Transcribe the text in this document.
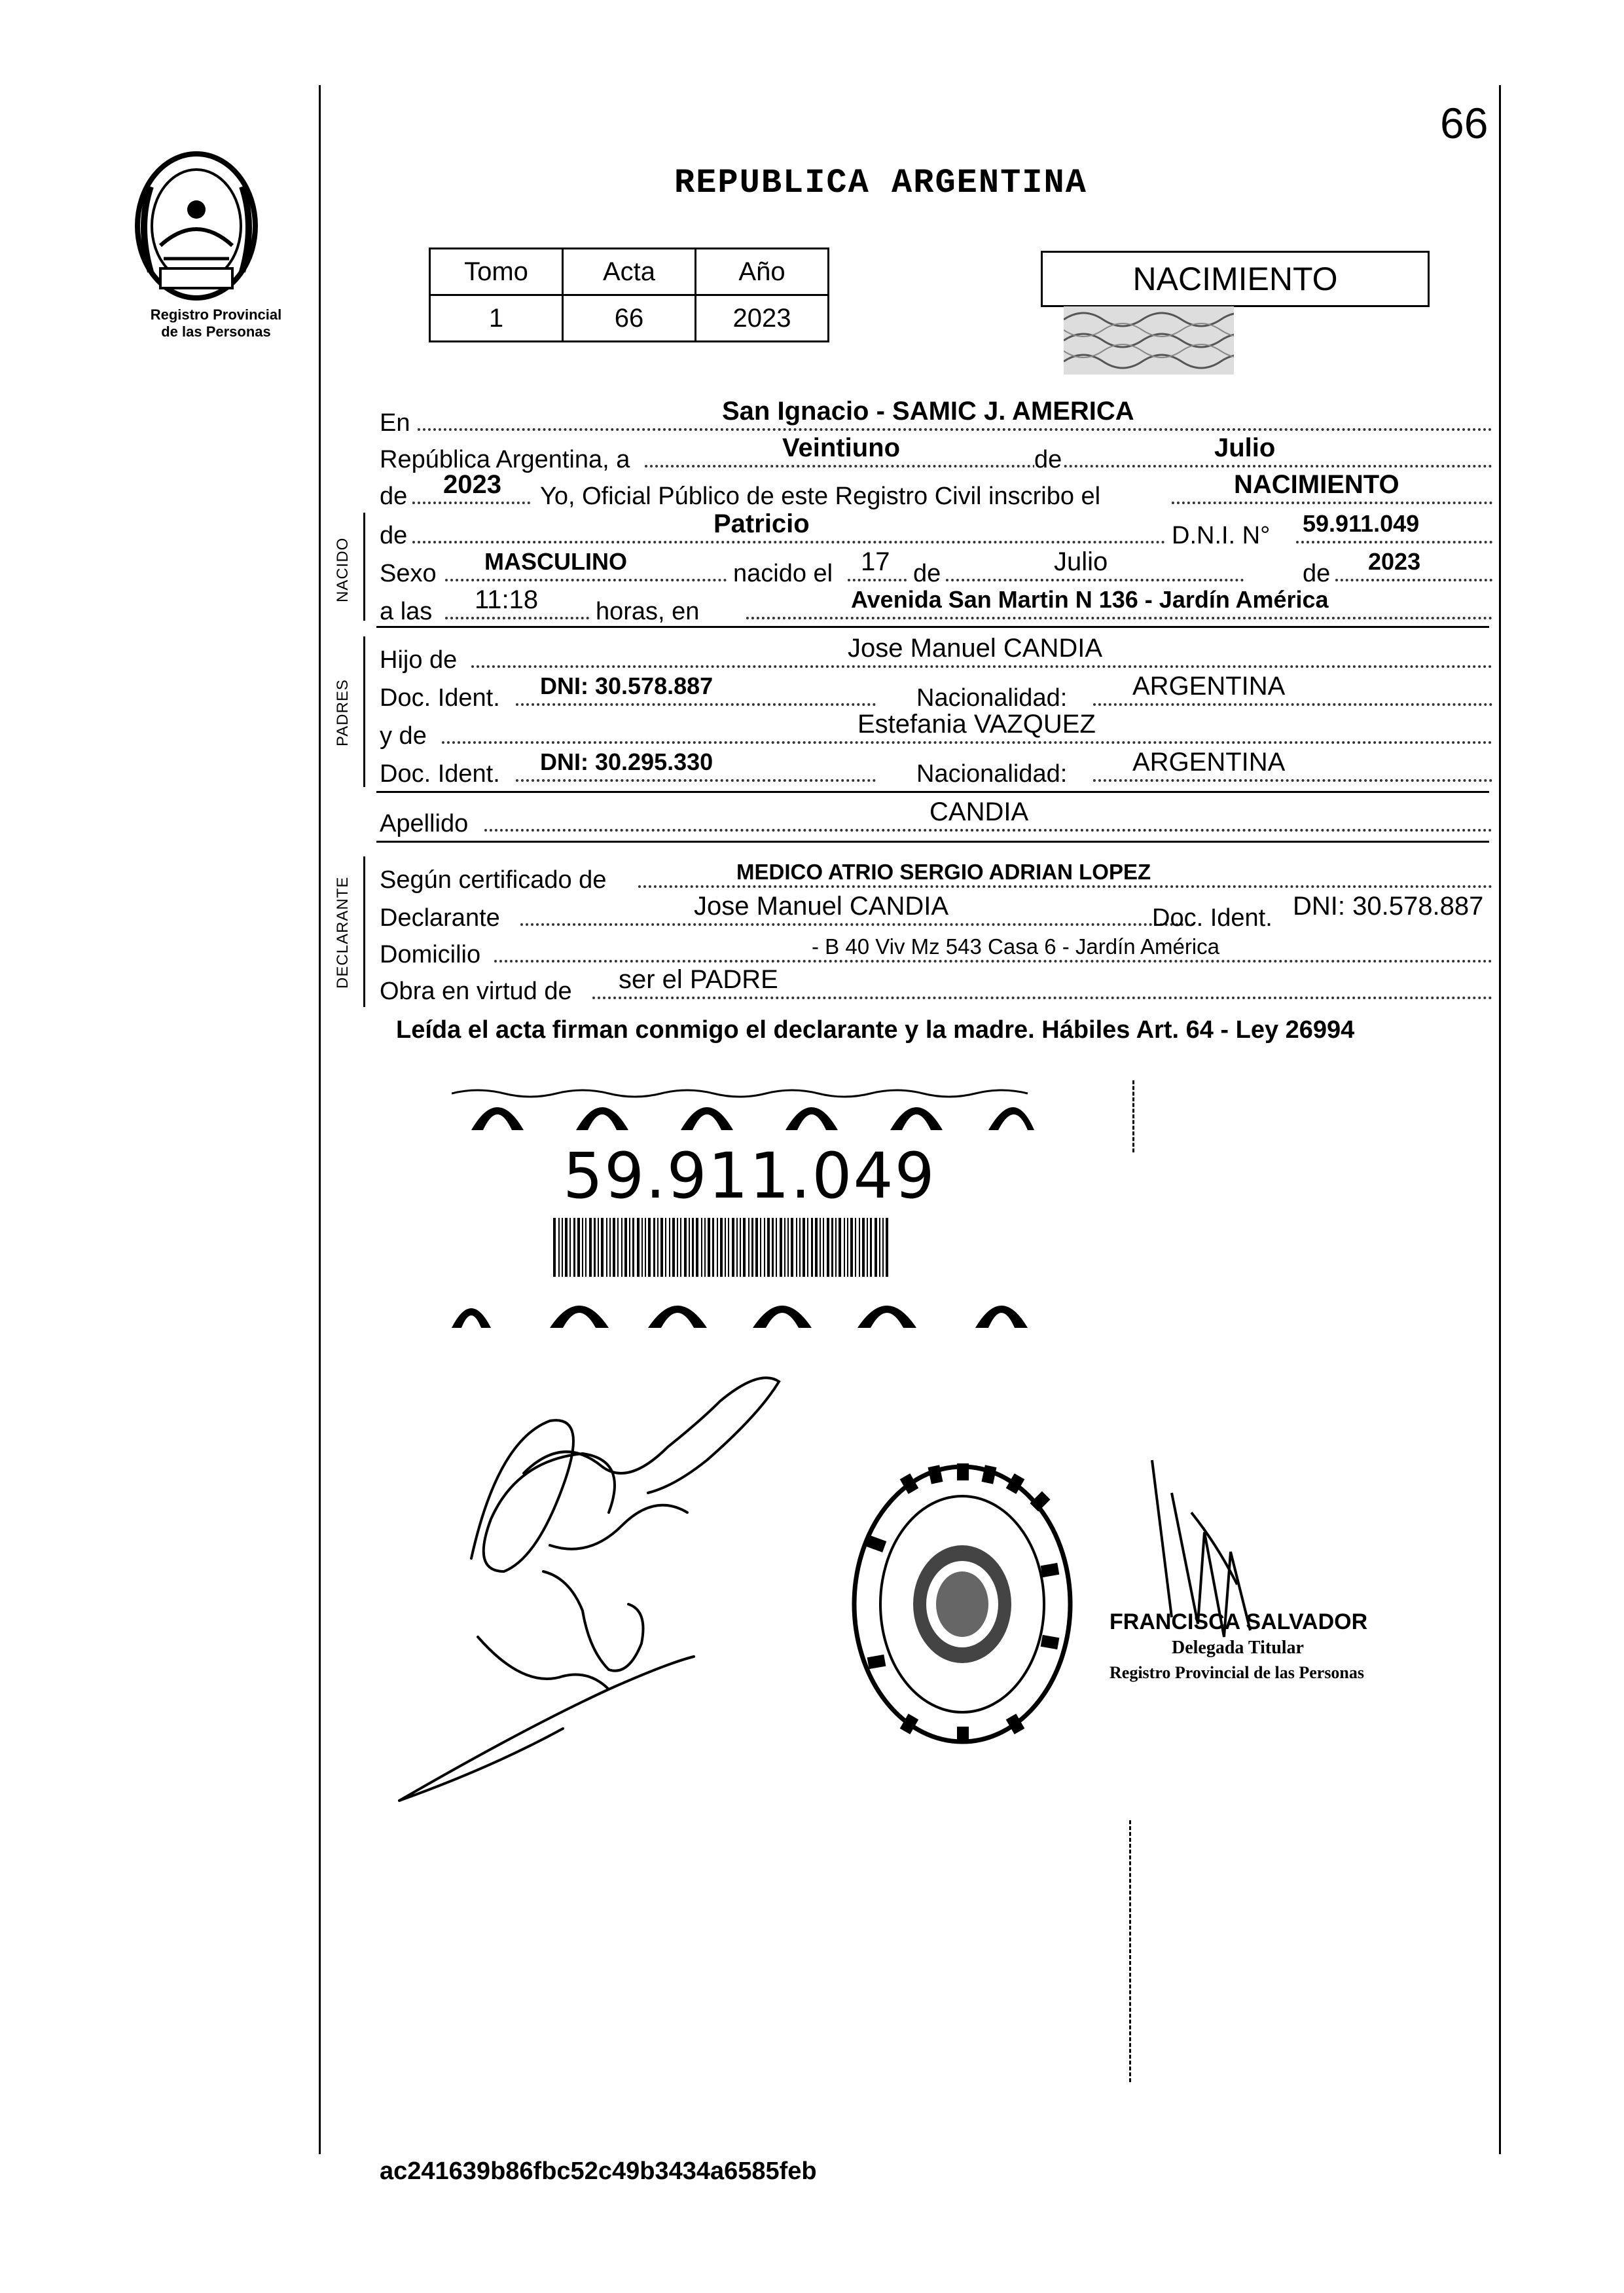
Registro Provincial
de las Personas
66
REPUBLICA ARGENTINA
Tomo	Acta	Año
1	66	2023
NACIMIENTO
En	San Ignacio - SAMIC J. AMERICA
República Argentina, a	Veintiuno	de	Julio
de 2023 Yo, Oficial Público de este Registro Civil inscribo el	NACIMIENTO
NACIDO
de	Patricio	D.N.I. N° 59.911.049
Sexo MASCULINO	nacido el 17 de	Julio	de 2023
a las 11:18 horas, en	Avenida San Martin N 136 - Jardín América
PADRES
Hijo de	Jose Manuel CANDIA
Doc. Ident. DNI: 30.578.887	Nacionalidad: ARGENTINA
y de	Estefania VAZQUEZ
Doc. Ident. DNI: 30.295.330	Nacionalidad: ARGENTINA
Apellido	CANDIA
DECLARANTE Según certificado de	MEDICO ATRIO SERGIO ADRIAN LOPEZ
Declarante	Jose Manuel CANDIA	Doc. Ident. DNI: 30.578.887
Domicilio	- B 40 Viv Mz 543 Casa 6 - Jardín América
Obra en virtud de ser el PADRE
Leída el acta firman conmigo el declarante y la madre. Hábiles Art. 64 - Ley 26994
59.911.049
FRANCISCA SALVADOR
Delegada Titular
Registro Provincial de las Personas
ac241639b86fbc52c49b3434a6585feb
